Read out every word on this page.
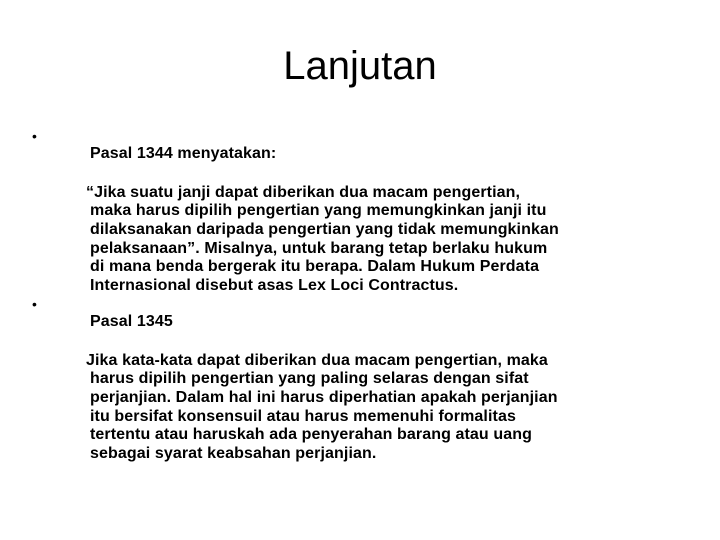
Lanjutan
•

Pasal 1344 menyatakan:

“Jika suatu janji dapat diberikan dua macam pengertian,
maka harus dipilih pengertian yang memungkinkan janji itu
dilaksanakan daripada pengertian yang tidak memungkinkan
pelaksanaan”. Misalnya, untuk barang tetap berlaku hukum
di mana benda bergerak itu berapa. Dalam Hukum Perdata
Internasional disebut asas Lex Loci Contractus.

•

Pasal 1345

Jika kata-kata dapat diberikan dua macam pengertian, maka
harus dipilih pengertian yang paling selaras dengan sifat
perjanjian. Dalam hal ini harus diperhatian apakah perjanjian
itu bersifat konsensuil atau harus memenuhi formalitas
tertentu atau haruskah ada penyerahan barang atau uang
sebagai syarat keabsahan perjanjian.
